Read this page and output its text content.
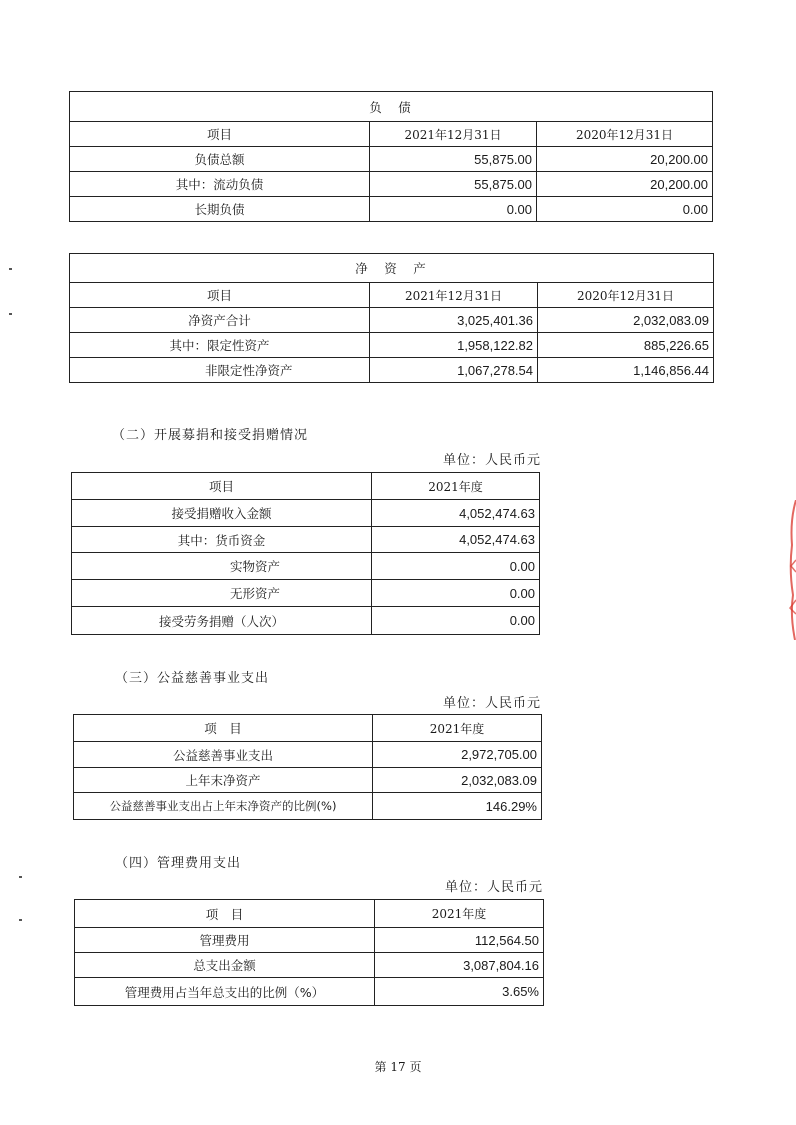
负　债		
项目	2021年12月31日	2020年12月31日
负债总额	55,875.00	20,200.00
其中：流动负债	55,875.00	20,200.00
长期负债	0.00	0.00
净　资　产		
项目	2021年12月31日	2020年12月31日
净资产合计	3,025,401.36	2,032,083.09
其中：限定性资产	1,958,122.82	885,226.65
非限定性净资产	1,067,278.54	1,146,856.44
（二）开展募捐和接受捐赠情况
单位：人民币元
项目	2021年度
接受捐赠收入金额	4,052,474.63
其中：货币资金	4,052,474.63
实物资产	0.00
无形资产	0.00
接受劳务捐赠（人次）	0.00
（三）公益慈善事业支出
单位：人民币元
项　目	2021年度
公益慈善事业支出	2,972,705.00
上年末净资产	2,032,083.09
公益慈善事业支出占上年末净资产的比例(%)	146.29%
（四）管理费用支出
单位：人民币元
项　目	2021年度
管理费用	112,564.50
总支出金额	3,087,804.16
管理费用占当年总支出的比例（%）	3.65%
第 17 页
